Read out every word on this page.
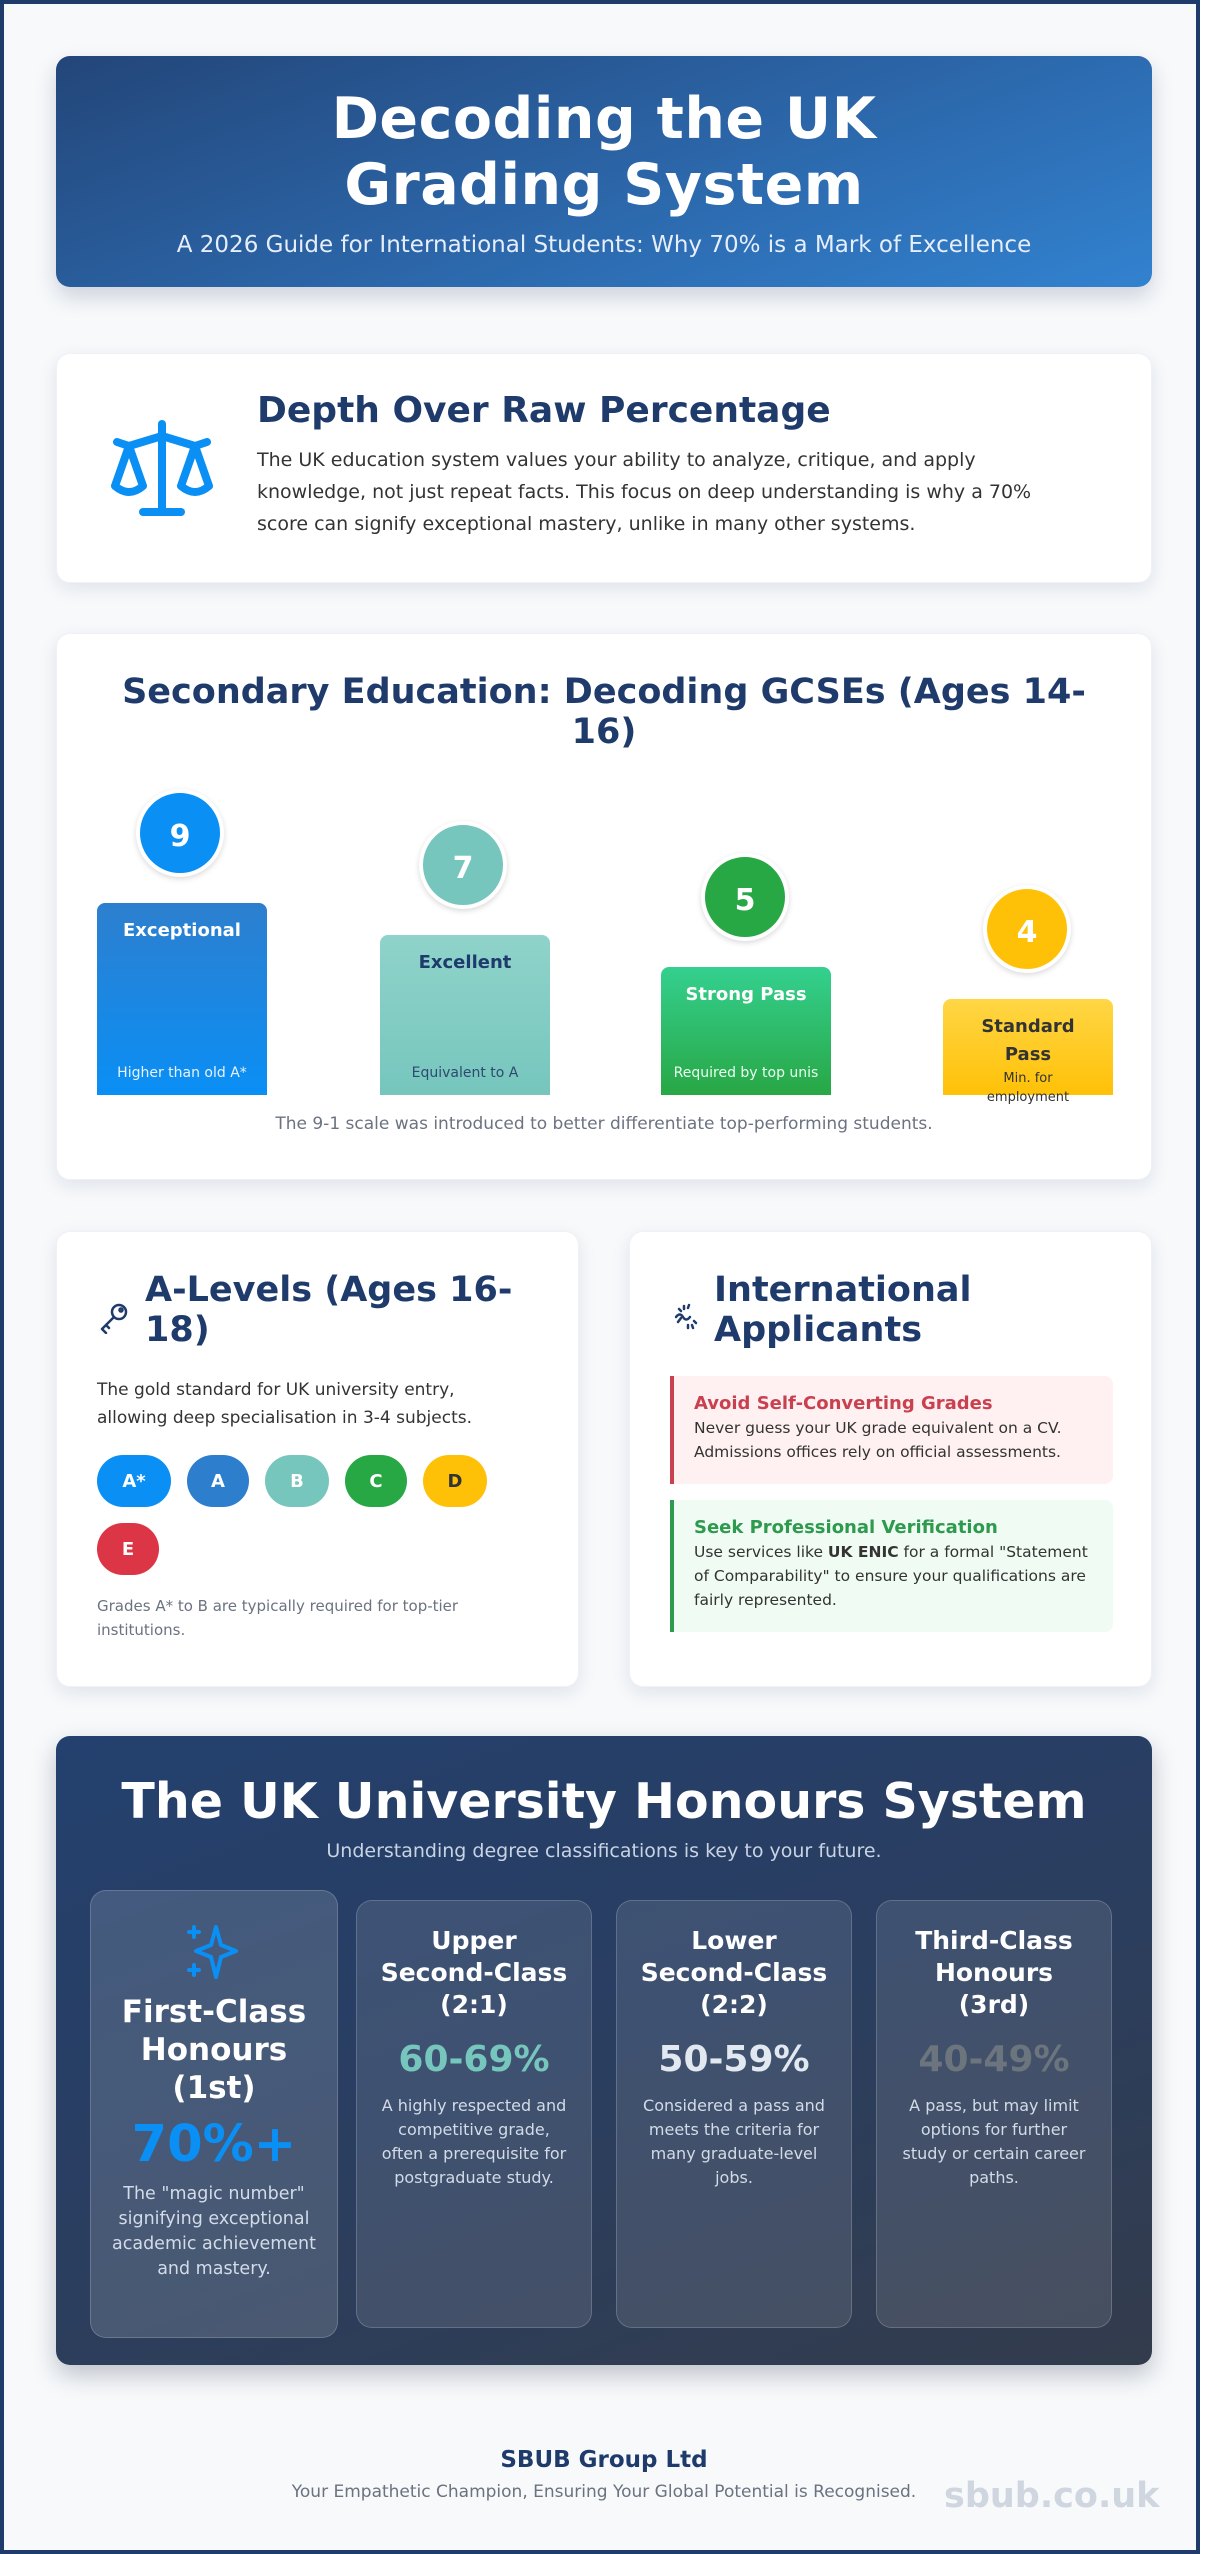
Decoding the UK Grading System

A 2026 Guide for International Students: Why 70% is a Mark of Excellence

Depth Over Raw Percentage

The UK education system values your ability to analyze, critique, and apply knowledge, not just repeat facts. This focus on deep understanding is why a 70% score can signify exceptional mastery, unlike in many other systems.

Secondary Education: Decoding GCSEs (Ages 14-16)
9
Exceptional
Higher than old A*
7
Excellent
Equivalent to A
5
Strong Pass
Required by top unis
4
Standard Pass
Min. for employment

The 9-1 scale was introduced to better differentiate top-performing students.

A-Levels (Ages 16-18)

The gold standard for UK university entry, allowing deep specialisation in 3-4 subjects.

A*	A	B	C	D
E

Grades A* to B are typically required for top-tier institutions.

International Applicants
Avoid Self-Converting Grades

Never guess your UK grade equivalent on a CV. Admissions offices rely on official assessments.

Seek Professional Verification

Use services like UK ENIC for a formal "Statement of Comparability" to ensure your qualifications are fairly represented.

The UK University Honours System

Understanding degree classifications is key to your future.

First-Class Honours (1st)
70%+
The "magic number" signifying exceptional academic achievement and mastery.
Upper Second-Class (2:1)
60-69%
A highly respected and competitive grade, often a prerequisite for postgraduate study.
Lower Second-Class (2:2)
50-59%
Considered a pass and meets the criteria for many graduate-level jobs.
Third-Class Honours (3rd)
40-49%
A pass, but may limit options for further study or certain career paths.
SBUB Group Ltd
Your Empathetic Champion, Ensuring Your Global Potential is Recognised. sbub.co.uk
